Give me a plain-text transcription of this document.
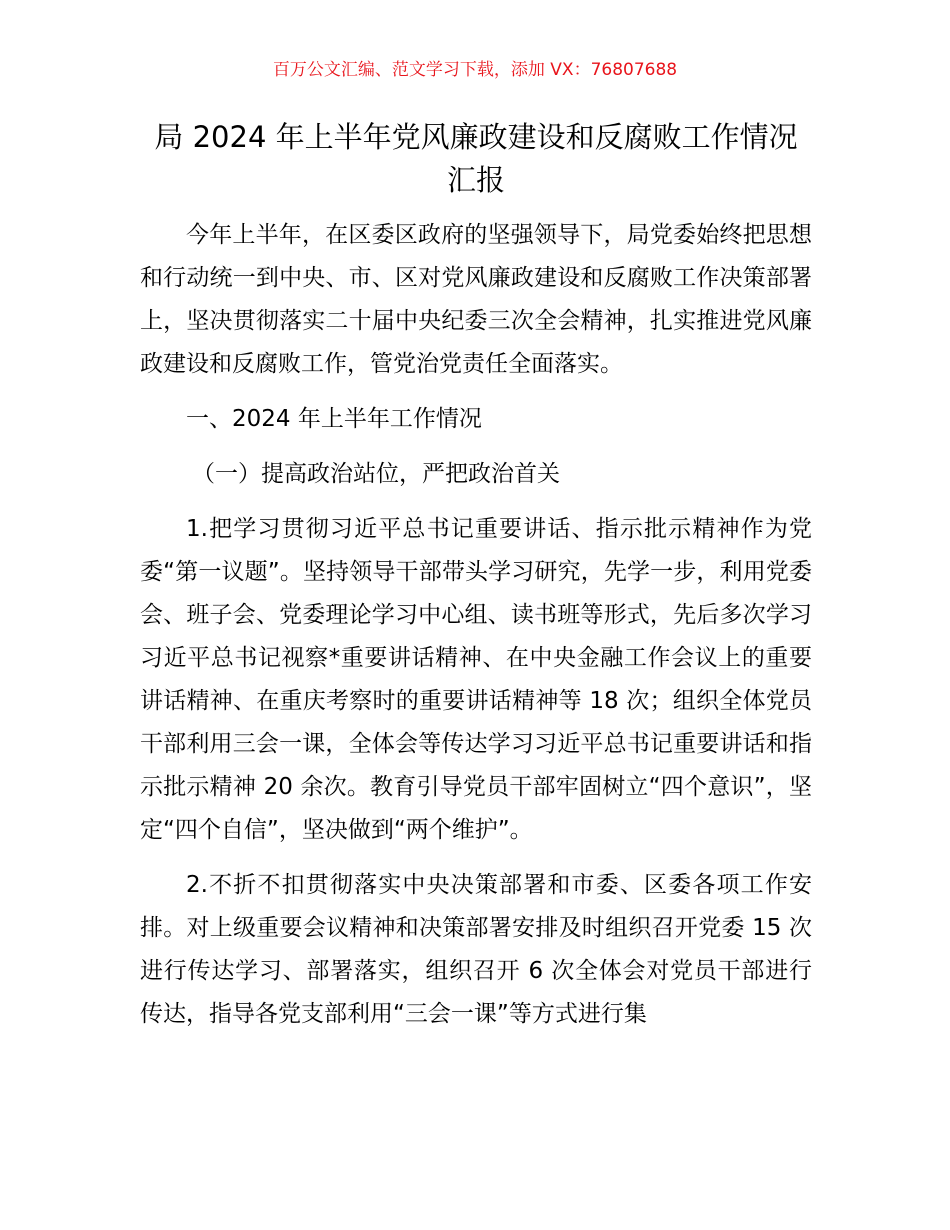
百万公文汇编、范文学习下载，添加 VX：76807688
局 2024 年上半年党风廉政建设和反腐败工作情况汇报

今年上半年，在区委区政府的坚强领导下，局党委始终把思想和行动统一到中央、市、区对党风廉政建设和反腐败工作决策部署上，坚决贯彻落实二十届中央纪委三次全会精神，扎实推进党风廉政建设和反腐败工作，管党治党责任全面落实。

一、2024 年上半年工作情况

（一）提高政治站位，严把政治首关

1.把学习贯彻习近平总书记重要讲话、指示批示精神作为党委“第一议题”。坚持领导干部带头学习研究，先学一步，利用党委会、班子会、党委理论学习中心组、读书班等形式，先后多次学习习近平总书记视察*重要讲话精神、在中央金融工作会议上的重要讲话精神、在重庆考察时的重要讲话精神等 18 次；组织全体党员干部利用三会一课，全体会等传达学习习近平总书记重要讲话和指示批示精神 20 余次。教育引导党员干部牢固树立“四个意识”，坚定“四个自信”，坚决做到“两个维护”。

2.不折不扣贯彻落实中央决策部署和市委、区委各项工作安排。对上级重要会议精神和决策部署安排及时组织召开党委 15 次进行传达学习、部署落实，组织召开 6 次全体会对党员干部进行传达，指导各党支部利用“三会一课”等方式进行集
